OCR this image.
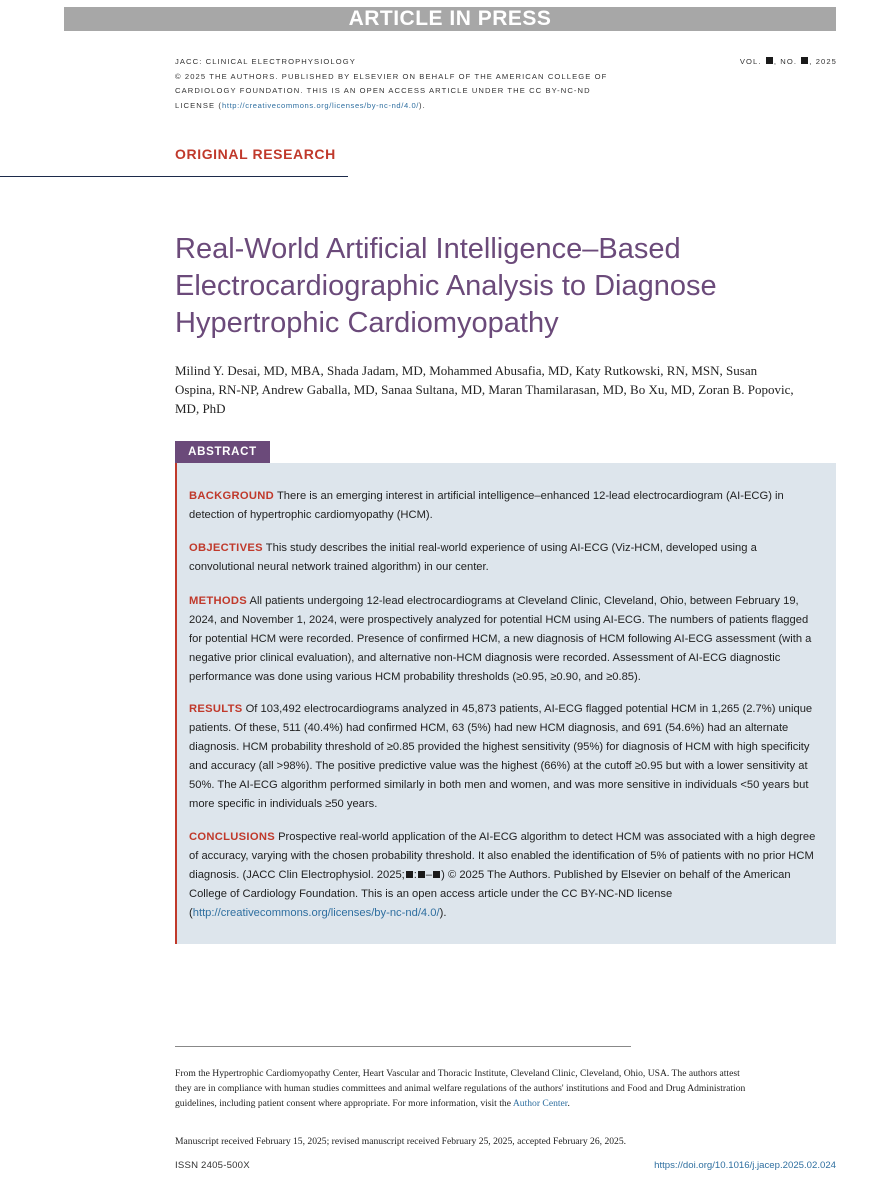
ARTICLE IN PRESS
JACC: CLINICAL ELECTROPHYSIOLOGY
© 2025 THE AUTHORS. PUBLISHED BY ELSEVIER ON BEHALF OF THE AMERICAN COLLEGE OF CARDIOLOGY FOUNDATION. THIS IS AN OPEN ACCESS ARTICLE UNDER THE CC BY-NC-ND LICENSE (http://creativecommons.org/licenses/by-nc-nd/4.0/).
VOL. , NO. , 2025
ORIGINAL RESEARCH
Real-World Artificial Intelligence–Based Electrocardiographic Analysis to Diagnose Hypertrophic Cardiomyopathy
Milind Y. Desai, MD, MBA, Shada Jadam, MD, Mohammed Abusafia, MD, Katy Rutkowski, RN, MSN, Susan Ospina, RN-NP, Andrew Gaballa, MD, Sanaa Sultana, MD, Maran Thamilarasan, MD, Bo Xu, MD, Zoran B. Popovic, MD, PhD
ABSTRACT

BACKGROUND There is an emerging interest in artificial intelligence–enhanced 12-lead electrocardiogram (AI-ECG) in detection of hypertrophic cardiomyopathy (HCM).

OBJECTIVES This study describes the initial real-world experience of using AI-ECG (Viz-HCM, developed using a convolutional neural network trained algorithm) in our center.

METHODS All patients undergoing 12-lead electrocardiograms at Cleveland Clinic, Cleveland, Ohio, between February 19, 2024, and November 1, 2024, were prospectively analyzed for potential HCM using AI-ECG. The numbers of patients flagged for potential HCM were recorded. Presence of confirmed HCM, a new diagnosis of HCM following AI-ECG assessment (with a negative prior clinical evaluation), and alternative non-HCM diagnosis were recorded. Assessment of AI-ECG diagnostic performance was done using various HCM probability thresholds (≥0.95, ≥0.90, and ≥0.85).

RESULTS Of 103,492 electrocardiograms analyzed in 45,873 patients, AI-ECG flagged potential HCM in 1,265 (2.7%) unique patients. Of these, 511 (40.4%) had confirmed HCM, 63 (5%) had new HCM diagnosis, and 691 (54.6%) had an alternate diagnosis. HCM probability threshold of ≥0.85 provided the highest sensitivity (95%) for diagnosis of HCM with high specificity and accuracy (all >98%). The positive predictive value was the highest (66%) at the cutoff ≥0.95 but with a lower sensitivity at 50%. The AI-ECG algorithm performed similarly in both men and women, and was more sensitive in individuals <50 years but more specific in individuals ≥50 years.

CONCLUSIONS Prospective real-world application of the AI-ECG algorithm to detect HCM was associated with a high degree of accuracy, varying with the chosen probability threshold. It also enabled the identification of 5% of patients with no prior HCM diagnosis. (JACC Clin Electrophysiol. 2025; : – ) © 2025 The Authors. Published by Elsevier on behalf of the American College of Cardiology Foundation. This is an open access article under the CC BY-NC-ND license (http://creativecommons.org/licenses/by-nc-nd/4.0/).

From the Hypertrophic Cardiomyopathy Center, Heart Vascular and Thoracic Institute, Cleveland Clinic, Cleveland, Ohio, USA. The authors attest they are in compliance with human studies committees and animal welfare regulations of the authors' institutions and Food and Drug Administration guidelines, including patient consent where appropriate. For more information, visit the Author Center.

Manuscript received February 15, 2025; revised manuscript received February 25, 2025, accepted February 26, 2025.

ISSN 2405-500X	https://doi.org/10.1016/j.jacep.2025.02.024
